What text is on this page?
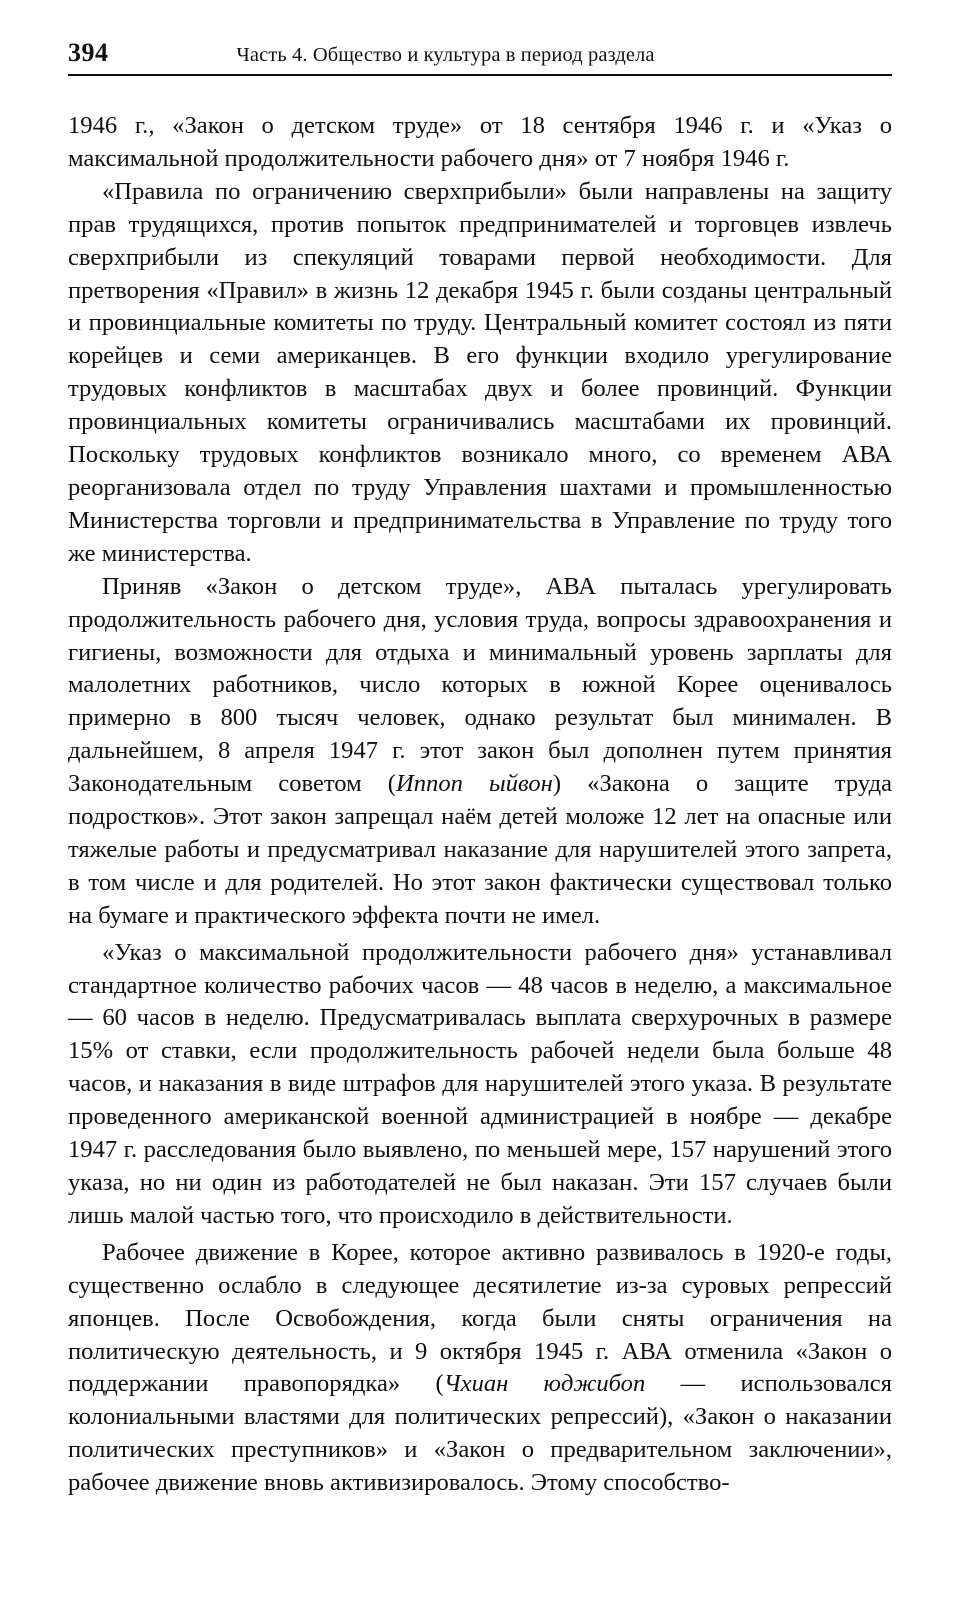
394	Часть 4. Общество и культура в период раздела

1946 г., «Закон о детском труде» от 18 сентября 1946 г. и «Указ о максимальной продолжительности рабочего дня» от 7 ноября 1946 г.

«Правила по ограничению сверхприбыли» были направлены на защиту прав трудящихся, против попыток предпринимателей и торговцев извлечь сверхприбыли из спекуляций товарами первой необходимости. Для претворения «Правил» в жизнь 12 декабря 1945 г. были созданы центральный и провинциальные комитеты по труду. Центральный комитет состоял из пяти корейцев и семи американцев. В его функции входило урегулирование трудовых конфликтов в масштабах двух и более провинций. Функции провинциальных комитеты ограничивались масштабами их провинций. Поскольку трудовых конфликтов возникало много, со временем АВА реорганизовала отдел по труду Управления шахтами и промышленностью Министерства торговли и предпринимательства в Управление по труду того же министерства.

Приняв «Закон о детском труде», АВА пыталась урегулировать продолжительность рабочего дня, условия труда, вопросы здравоохранения и гигиены, возможности для отдыха и минимальный уровень зарплаты для малолетних работников, число которых в южной Корее оценивалось примерно в 800 тысяч человек, однако результат был минимален. В дальнейшем, 8 апреля 1947 г. этот закон был дополнен путем принятия Законодательным советом (Иппоп ыйвон) «Закона о защите труда подростков». Этот закон запрещал наём детей моложе 12 лет на опасные или тяжелые работы и предусматривал наказание для нарушителей этого запрета, в том числе и для родителей. Но этот закон фактически существовал только на бумаге и практического эффекта почти не имел.

«Указ о максимальной продолжительности рабочего дня» устанавливал стандартное количество рабочих часов — 48 часов в неделю, а максимальное — 60 часов в неделю. Предусматривалась выплата сверхурочных в размере 15% от ставки, если продолжительность рабочей недели была больше 48 часов, и наказания в виде штрафов для нарушителей этого указа. В результате проведенного американской военной администрацией в ноябре — декабре 1947 г. расследования было выявлено, по меньшей мере, 157 нарушений этого указа, но ни один из работодателей не был наказан. Эти 157 случаев были лишь малой частью того, что происходило в действительности.

Рабочее движение в Корее, которое активно развивалось в 1920-е годы, существенно ослабло в следующее десятилетие из-за суровых репрессий японцев. После Освобождения, когда были сняты ограничения на политическую деятельность, и 9 октября 1945 г. АВА отменила «Закон о поддержании правопорядка» (Чхиан юджибоп — использовался колониальными властями для политических репрессий), «Закон о наказании политических преступников» и «Закон о предварительном заключении», рабочее движение вновь активизировалось. Этому способство-
